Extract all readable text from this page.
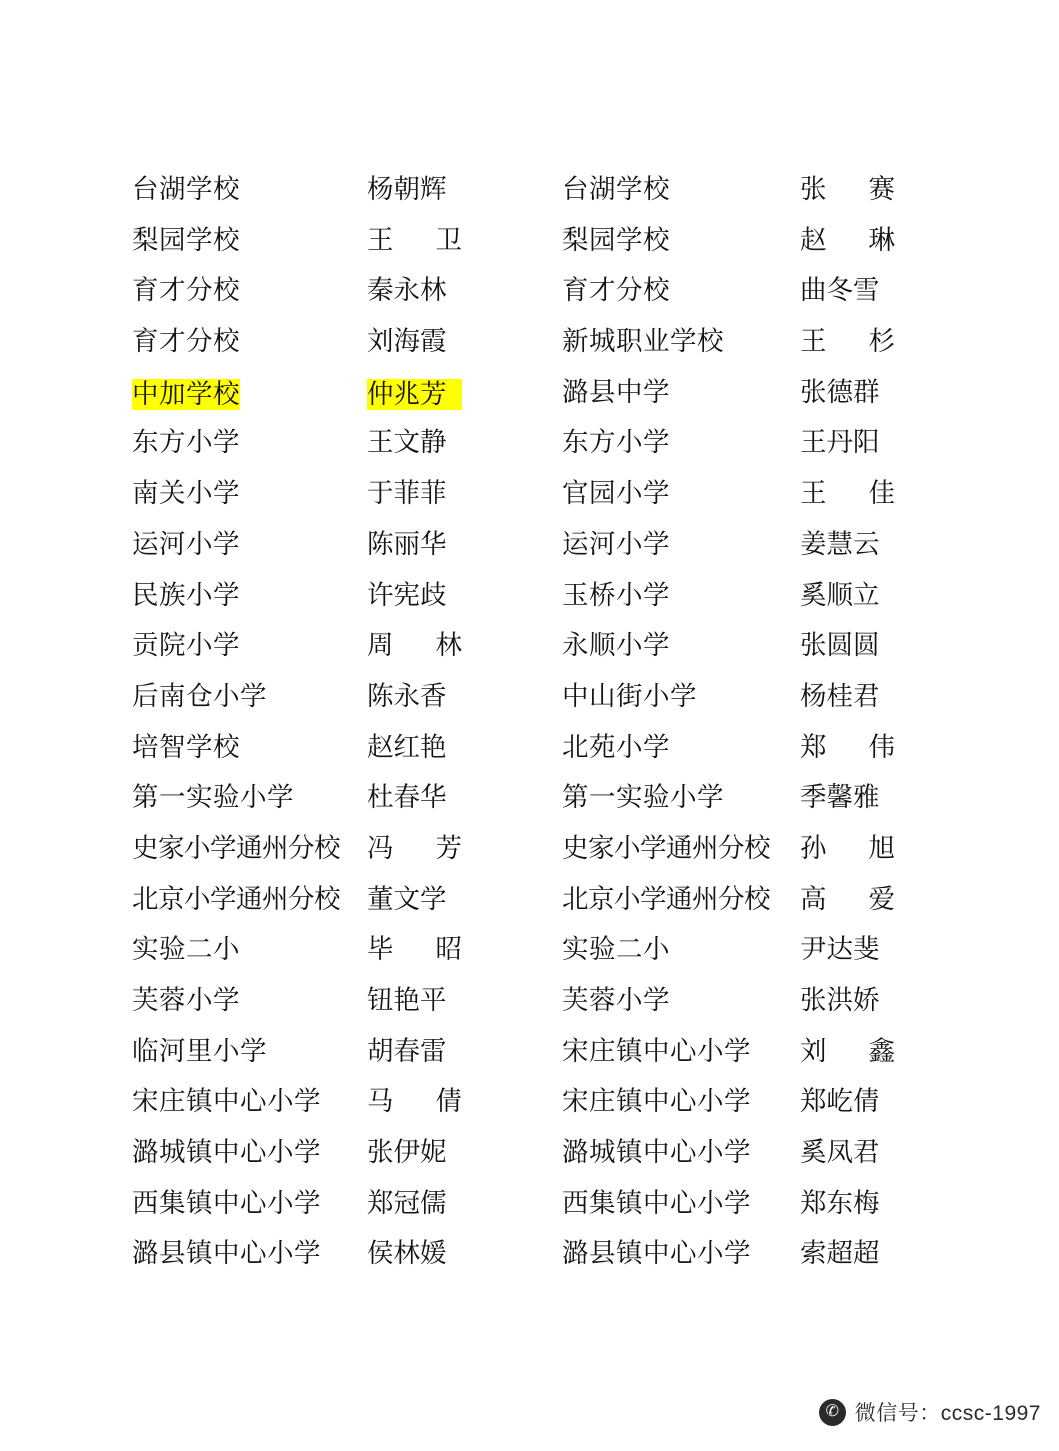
台湖学校	杨朝辉	台湖学校	张赛
梨园学校	王卫	梨园学校	赵琳
育才分校	秦永林	育才分校	曲冬雪
育才分校	刘海霞	新城职业学校	王杉
中加学校	仲兆芳	潞县中学	张德群
东方小学	王文静	东方小学	王丹阳
南关小学	于菲菲	官园小学	王佳
运河小学	陈丽华	运河小学	姜慧云
民族小学	许宪歧	玉桥小学	奚顺立
贡院小学	周林	永顺小学	张圆圆
后南仓小学	陈永香	中山街小学	杨桂君
培智学校	赵红艳	北苑小学	郑伟
第一实验小学	杜春华	第一实验小学	季馨雅
史家小学通州分校 冯芳	史家小学通州分校 孙旭
北京小学通州分校 董文学	北京小学通州分校 高爱
实验二小	毕昭	实验二小	尹达斐
芙蓉小学	钮艳平	芙蓉小学	张洪娇
临河里小学	胡春雷	宋庄镇中心小学 刘鑫
宋庄镇中心小学 马倩	宋庄镇中心小学 郑屹倩
潞城镇中心小学 张伊妮	潞城镇中心小学 奚凤君
西集镇中心小学 郑冠儒	西集镇中心小学 郑东梅
潞县镇中心小学 侯林媛	潞县镇中心小学 索超超
✆ 微信号：ccsc-1997
